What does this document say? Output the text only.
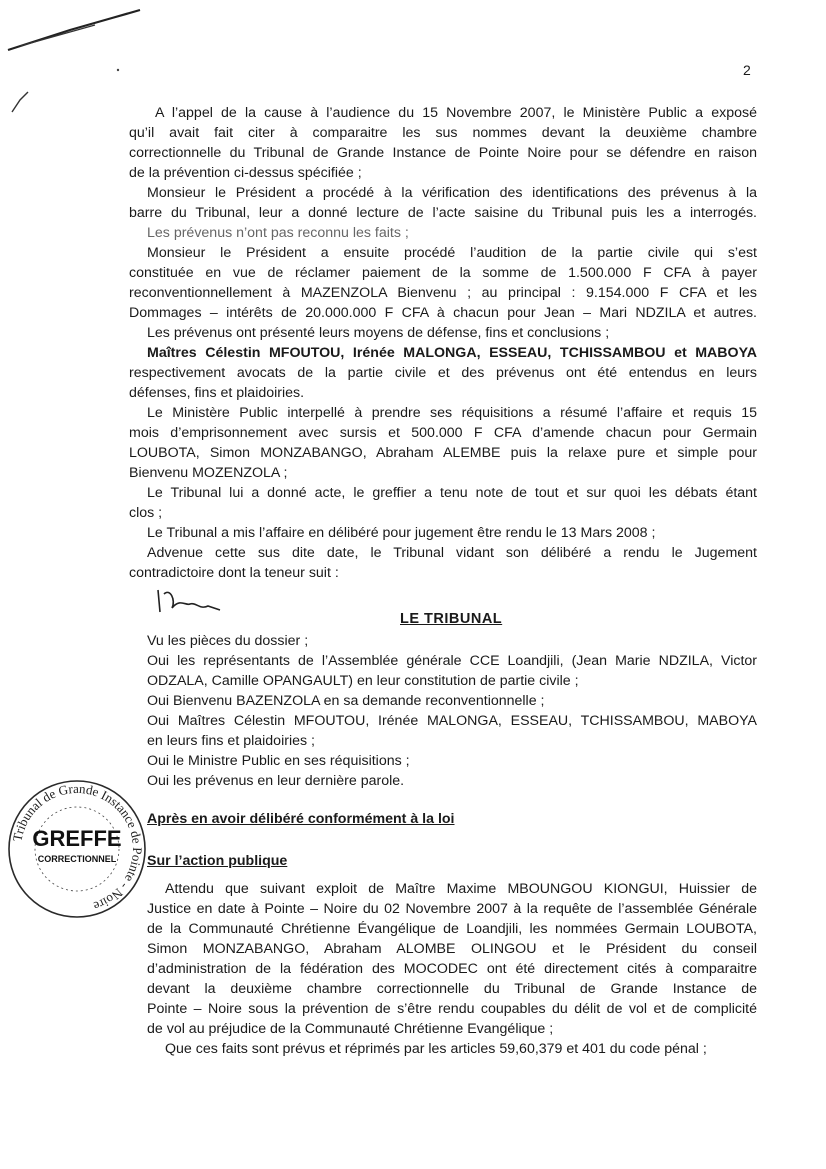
2

A l’appel de la cause à l’audience du 15 Novembre 2007, le Ministère Public a exposé

qu’il avait fait citer à comparaitre les sus nommes devant la deuxième chambre

correctionnelle du Tribunal de Grande Instance de Pointe Noire pour se défendre en raison

de la prévention ci-dessus spécifiée ;

Monsieur le Président a procédé à la vérification des identifications des prévenus à la

barre du Tribunal, leur a donné lecture de l’acte saisine du Tribunal puis les a interrogés.

Les prévenus n’ont pas reconnu les faits ;

Monsieur le Président a ensuite procédé l’audition de la partie civile qui s’est

constituée en vue de réclamer paiement de la somme de 1.500.000 F CFA à payer

reconventionnellement à MAZENZOLA Bienvenu ; au principal : 9.154.000 F CFA et les

Dommages – intérêts de 20.000.000 F CFA à chacun pour Jean – Mari NDZILA et autres.

Les prévenus ont présenté leurs moyens de défense, fins et conclusions ;

Maîtres Célestin MFOUTOU, Irénée MALONGA, ESSEAU, TCHISSAMBOU et MABOYA

respectivement avocats de la partie civile et des prévenus ont été entendus en leurs

défenses, fins et plaidoiries.

Le Ministère Public interpellé à prendre ses réquisitions a résumé l’affaire et requis 15

mois d’emprisonnement avec sursis et 500.000 F CFA d’amende chacun pour Germain

LOUBOTA, Simon MONZABANGO, Abraham ALEMBE puis la relaxe pure et simple pour

Bienvenu MOZENZOLA ;

Le Tribunal lui a donné acte, le greffier a tenu note de tout et sur quoi les débats étant

clos ;

Le Tribunal a mis l’affaire en délibéré pour jugement être rendu le 13 Mars 2008 ;

Advenue cette sus dite date, le Tribunal vidant son délibéré a rendu le Jugement

contradictoire dont la teneur suit :

LE TRIBUNAL

Vu les pièces du dossier ;

Oui les représentants de l’Assemblée générale CCE Loandjili, (Jean Marie NDZILA, Victor

ODZALA, Camille OPANGAULT) en leur constitution de partie civile ;

Oui Bienvenu BAZENZOLA en sa demande reconventionnelle ;

Oui Maîtres Célestin MFOUTOU, Irénée MALONGA, ESSEAU, TCHISSAMBOU, MABOYA

en leurs fins et plaidoiries ;

Oui le Ministre Public en ses réquisitions ;

Oui les prévenus en leur dernière parole.

Après en avoir délibéré conformément à la loi

Sur l’action publique

Attendu que suivant exploit de Maître Maxime MBOUNGOU KIONGUI, Huissier de

Justice en date à Pointe – Noire du 02 Novembre 2007 à la requête de l’assemblée Générale

de la Communauté Chrétienne Évangélique de Loandjili, les nommées Germain LOUBOTA,

Simon MONZABANGO, Abraham ALOMBE OLINGOU et le Président du conseil

d’administration de la fédération des MOCODEC ont été directement cités à comparaitre

devant la deuxième chambre correctionnelle du Tribunal de Grande Instance de

Pointe – Noire sous la prévention de s’être rendu coupables du délit de vol et de complicité

de vol au préjudice de la Communauté Chrétienne Evangélique ;

Que ces faits sont prévus et réprimés par les articles 59,60,379 et 401 du code pénal ;

Tribunal de Grande Instance de Pointe - Noire
GREFFE
CORRECTIONNEL
